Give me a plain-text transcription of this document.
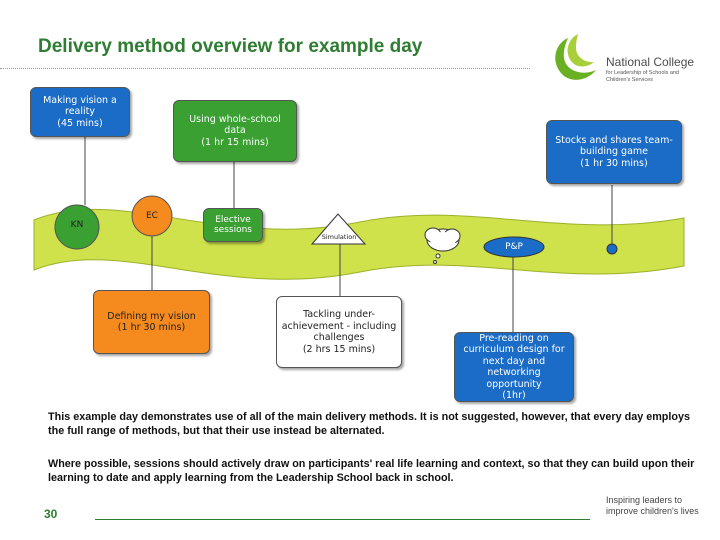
Delivery method overview for example day
National College
for Leadership of Schools and Children's Services
Making vision a reality
(45 mins)	Using whole-school data
(1 hr 15 mins)	Stocks and shares team-building game
(1 hr 30 mins)
Defining my vision
(1 hr 30 mins)
Tackling under-achievement - including challenges
(2 hrs 15 mins)
Pre-reading on curriculum design for next day and networking opportunity
(1hr)
KN
EC	Elective sessions
Simulation
P&P
This example day demonstrates use of all of the main delivery methods. It is not suggested, however, that every day employs the full range of methods, but that their use instead be alternated.
Where possible, sessions should actively draw on participants' real life learning and context, so that they can build upon their learning to date and apply learning from the Leadership School back in school.
30
Inspiring leaders to improve children's lives
